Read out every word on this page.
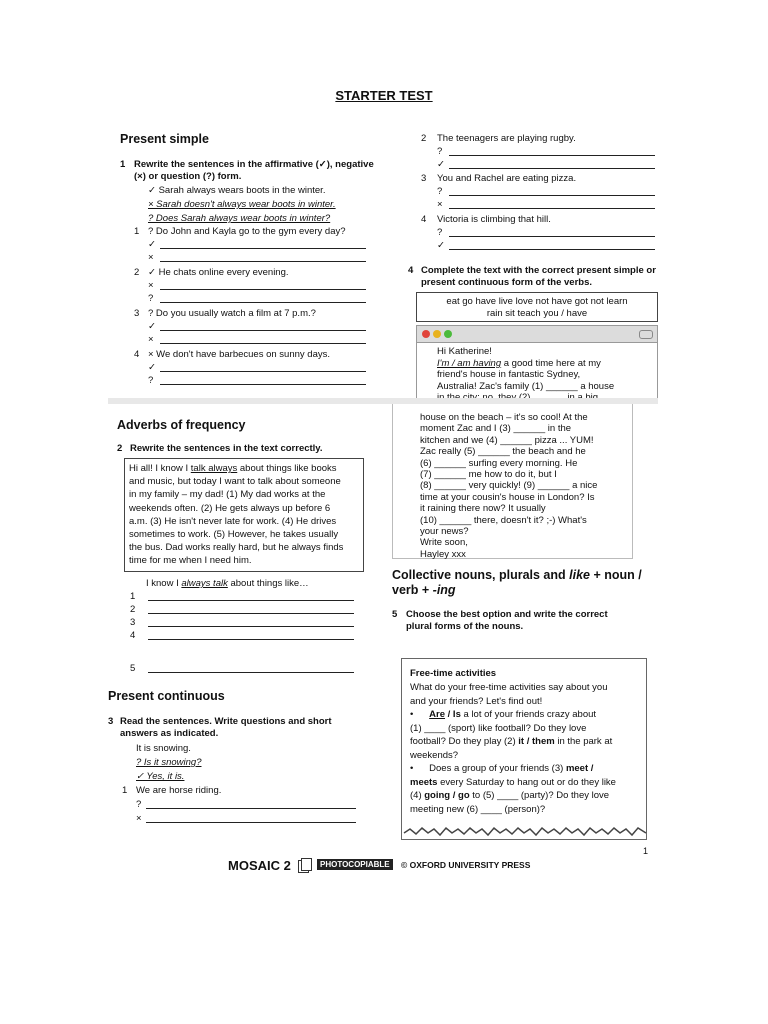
STARTER TEST
Present simple
1 Rewrite the sentences in the affirmative (✓), negative (×) or question (?) form.
✓ Sarah always wears boots in the winter.
× Sarah doesn't always wear boots in winter.
? Does Sarah always wear boots in winter?
1 ? Do John and Kayla go to the gym every day?
✓
×
2 ✓ He chats online every evening.
×
?
3 ? Do you usually watch a film at 7 p.m.?
✓
×
4 × We don't have barbecues on sunny days.
✓
?
2 The teenagers are playing rugby.
?
✓
3 You and Rachel are eating pizza.
?
×
4 Victoria is climbing that hill.
?
✓
4 Complete the text with the correct present simple or present continuous form of the verbs.
eat go have live love not have got not learn
rain sit teach you / have
Hi Katherine!
I'm / am having a good time here at my
friend's house in fantastic Sydney,
Australia! Zac's family (1) ______ a house
Adverbs of frequency
2 Rewrite the sentences in the text correctly.
Hi all! I know I talk always about things like books
and music, but today I want to talk about someone
in my family – my dad! (1) My dad works at the
weekends often. (2) He gets always up before 6
a.m. (3) He isn't never late for work. (4) He drives
sometimes to work. (5) However, he takes usually
the bus. Dad works really hard, but he always finds
time for me when I need him.
I know I always talk about things like…
1
2
3
4
5
house on the beach – it's so cool! At the
moment Zac and I (3) ______ in the
kitchen and we (4) ______ pizza ... YUM!
Zac really (5) ______ the beach and he
(6) ______ surfing every morning. He
(7) ______ me how to do it, but I
(8) ______ very quickly! (9) ______ a nice
time at your cousin's house in London? Is
it raining there now? It usually
(10) ______ there, doesn't it? ;-) What's
your news?
Write soon,
Hayley xxx
Collective nouns, plurals and like + noun /
verb + -ing
5 Choose the best option and write the correct plural forms of the nouns.
Free-time activities
What do your free-time activities say about you
and your friends? Let's find out!
•      Are / Is a lot of your friends crazy about
(1) ____ (sport) like football? Do they love
football? Do they play (2) it / them in the park at
weekends?
•      Does a group of your friends (3) meet /
meets every Saturday to hang out or do they like
(4) going / go to (5) ____ (party)? Do they love
meeting new (6) ____ (person)?
Present continuous
3 Read the sentences. Write questions and short
answers as indicated.
It is snowing.
? Is it snowing?
✓ Yes, it is.
1 We are horse riding.
?
×
1
MOSAIC 2	PHOTOCOPIABLE	© OXFORD UNIVERSITY PRESS
